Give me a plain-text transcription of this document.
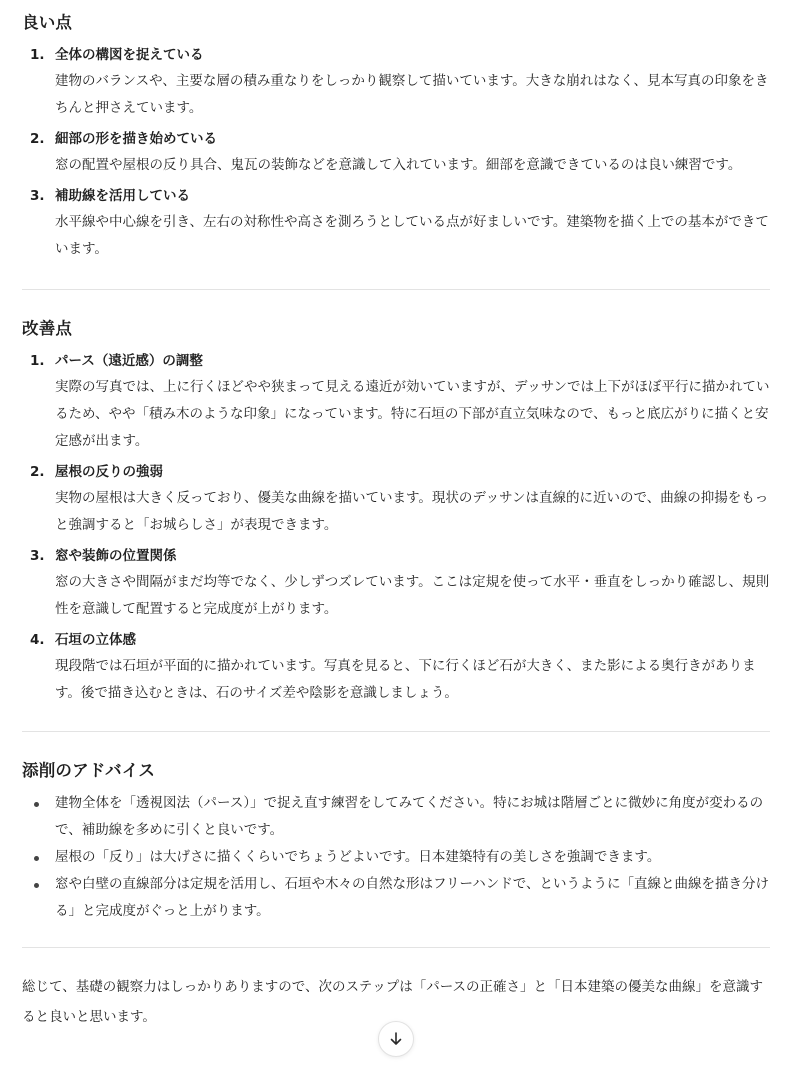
良い点
1. 全体の構図を捉えている
建物のバランスや、主要な層の積み重なりをしっかり観察して描いています。大きな崩れはなく、見本写真の印象をきちんと押さえています。
2. 細部の形を描き始めている
窓の配置や屋根の反り具合、鬼瓦の装飾などを意識して入れています。細部を意識できているのは良い練習です。
3. 補助線を活用している
水平線や中心線を引き、左右の対称性や高さを測ろうとしている点が好ましいです。建築物を描く上での基本ができています。
改善点
1. パース（遠近感）の調整
実際の写真では、上に行くほどやや狭まって見える遠近が効いていますが、デッサンでは上下がほぼ平行に描かれているため、やや「積み木のような印象」になっています。特に石垣の下部が直立気味なので、もっと底広がりに描くと安定感が出ます。
2. 屋根の反りの強弱
実物の屋根は大きく反っており、優美な曲線を描いています。現状のデッサンは直線的に近いので、曲線の抑揚をもっと強調すると「お城らしさ」が表現できます。
3. 窓や装飾の位置関係
窓の大きさや間隔がまだ均等でなく、少しずつズレています。ここは定規を使って水平・垂直をしっかり確認し、規則性を意識して配置すると完成度が上がります。
4. 石垣の立体感
現段階では石垣が平面的に描かれています。写真を見ると、下に行くほど石が大きく、また影による奥行きがあります。後で描き込むときは、石のサイズ差や陰影を意識しましょう。
添削のアドバイス
建物全体を「透視図法（パース）」で捉え直す練習をしてみてください。特にお城は階層ごとに微妙に角度が変わるので、補助線を多めに引くと良いです。
屋根の「反り」は大げさに描くくらいでちょうどよいです。日本建築特有の美しさを強調できます。
窓や白壁の直線部分は定規を活用し、石垣や木々の自然な形はフリーハンドで、というように「直線と曲線を描き分ける」と完成度がぐっと上がります。

総じて、基礎の観察力はしっかりありますので、次のステップは「パースの正確さ」と「日本建築の優美な曲線」を意識すると良いと思います。
